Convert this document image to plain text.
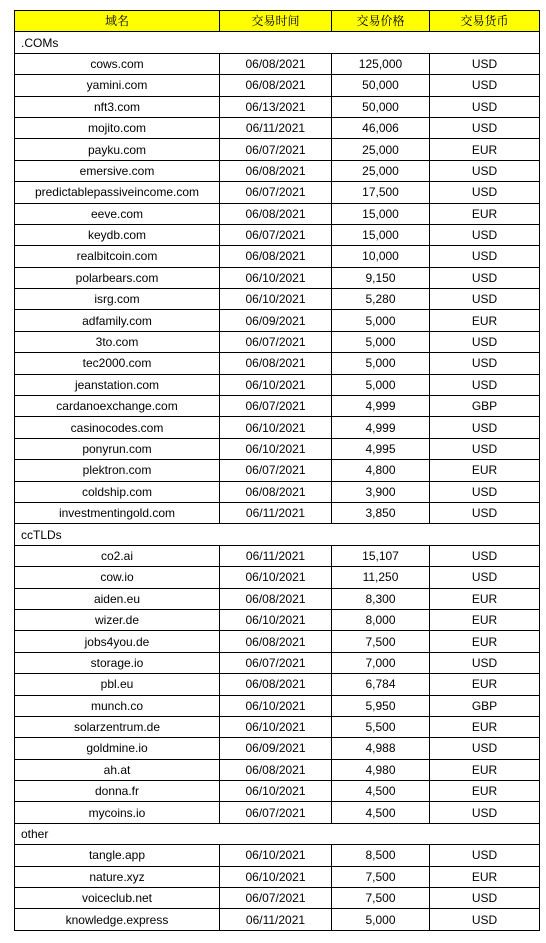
域名	交易时间	交易价格	交易货币
.COMs			
cows.com	06/08/2021	125,000	USD
yamini.com	06/08/2021	50,000	USD
nft3.com	06/13/2021	50,000	USD
mojito.com	06/11/2021	46,006	USD
payku.com	06/07/2021	25,000	EUR
emersive.com	06/08/2021	25,000	USD
predictablepassiveincome.com	06/07/2021	17,500	USD
eeve.com	06/08/2021	15,000	EUR
keydb.com	06/07/2021	15,000	USD
realbitcoin.com	06/08/2021	10,000	USD
polarbears.com	06/10/2021	9,150	USD
isrg.com	06/10/2021	5,280	USD
adfamily.com	06/09/2021	5,000	EUR
3to.com	06/07/2021	5,000	USD
tec2000.com	06/08/2021	5,000	USD
jeanstation.com	06/10/2021	5,000	USD
cardanoexchange.com	06/07/2021	4,999	GBP
casinocodes.com	06/10/2021	4,999	USD
ponyrun.com	06/10/2021	4,995	USD
plektron.com	06/07/2021	4,800	EUR
coldship.com	06/08/2021	3,900	USD
investmentingold.com	06/11/2021	3,850	USD
ccTLDs			
co2.ai	06/11/2021	15,107	USD
cow.io	06/10/2021	11,250	USD
aiden.eu	06/08/2021	8,300	EUR
wizer.de	06/10/2021	8,000	EUR
jobs4you.de	06/08/2021	7,500	EUR
storage.io	06/07/2021	7,000	USD
pbl.eu	06/08/2021	6,784	EUR
munch.co	06/10/2021	5,950	GBP
solarzentrum.de	06/10/2021	5,500	EUR
goldmine.io	06/09/2021	4,988	USD
ah.at	06/08/2021	4,980	EUR
donna.fr	06/10/2021	4,500	EUR
mycoins.io	06/07/2021	4,500	USD
other			
tangle.app	06/10/2021	8,500	USD
nature.xyz	06/10/2021	7,500	EUR
voiceclub.net	06/07/2021	7,500	USD
knowledge.express	06/11/2021	5,000	USD
